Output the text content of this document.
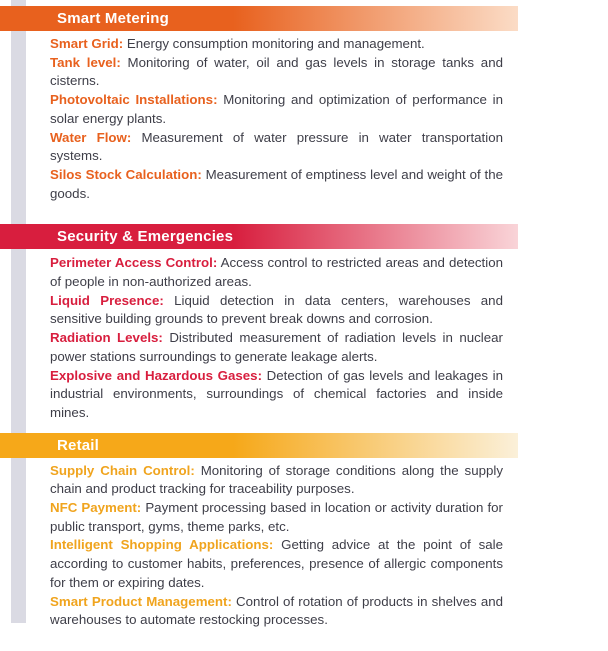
Smart Metering

Smart Grid: Energy consumption monitoring and management.

Tank level: Monitoring of water, oil and gas levels in storage tanks and cisterns.

Photovoltaic Installations: Monitoring and optimization of performance in solar energy plants.

Water Flow: Measurement of water pressure in water transportation systems.

Silos Stock Calculation: Measurement of emptiness level and weight of the goods.

Security & Emergencies

Perimeter Access Control: Access control to restricted areas and detection of people in non-authorized areas.

Liquid Presence: Liquid detection in data centers, warehouses and sensitive building grounds to prevent break downs and corrosion.

Radiation Levels: Distributed measurement of radiation levels in nuclear power stations surroundings to generate leakage alerts.

Explosive and Hazardous Gases: Detection of gas levels and leakages in industrial environments, surroundings of chemical factories and inside mines.

Retail

Supply Chain Control: Monitoring of storage conditions along the supply chain and product tracking for traceability purposes.

NFC Payment: Payment processing based in location or activity duration for public transport, gyms, theme parks, etc.

Intelligent Shopping Applications: Getting advice at the point of sale according to customer habits, preferences, presence of allergic components for them or expiring dates.

Smart Product Management: Control of rotation of products in shelves and warehouses to automate restocking processes.
